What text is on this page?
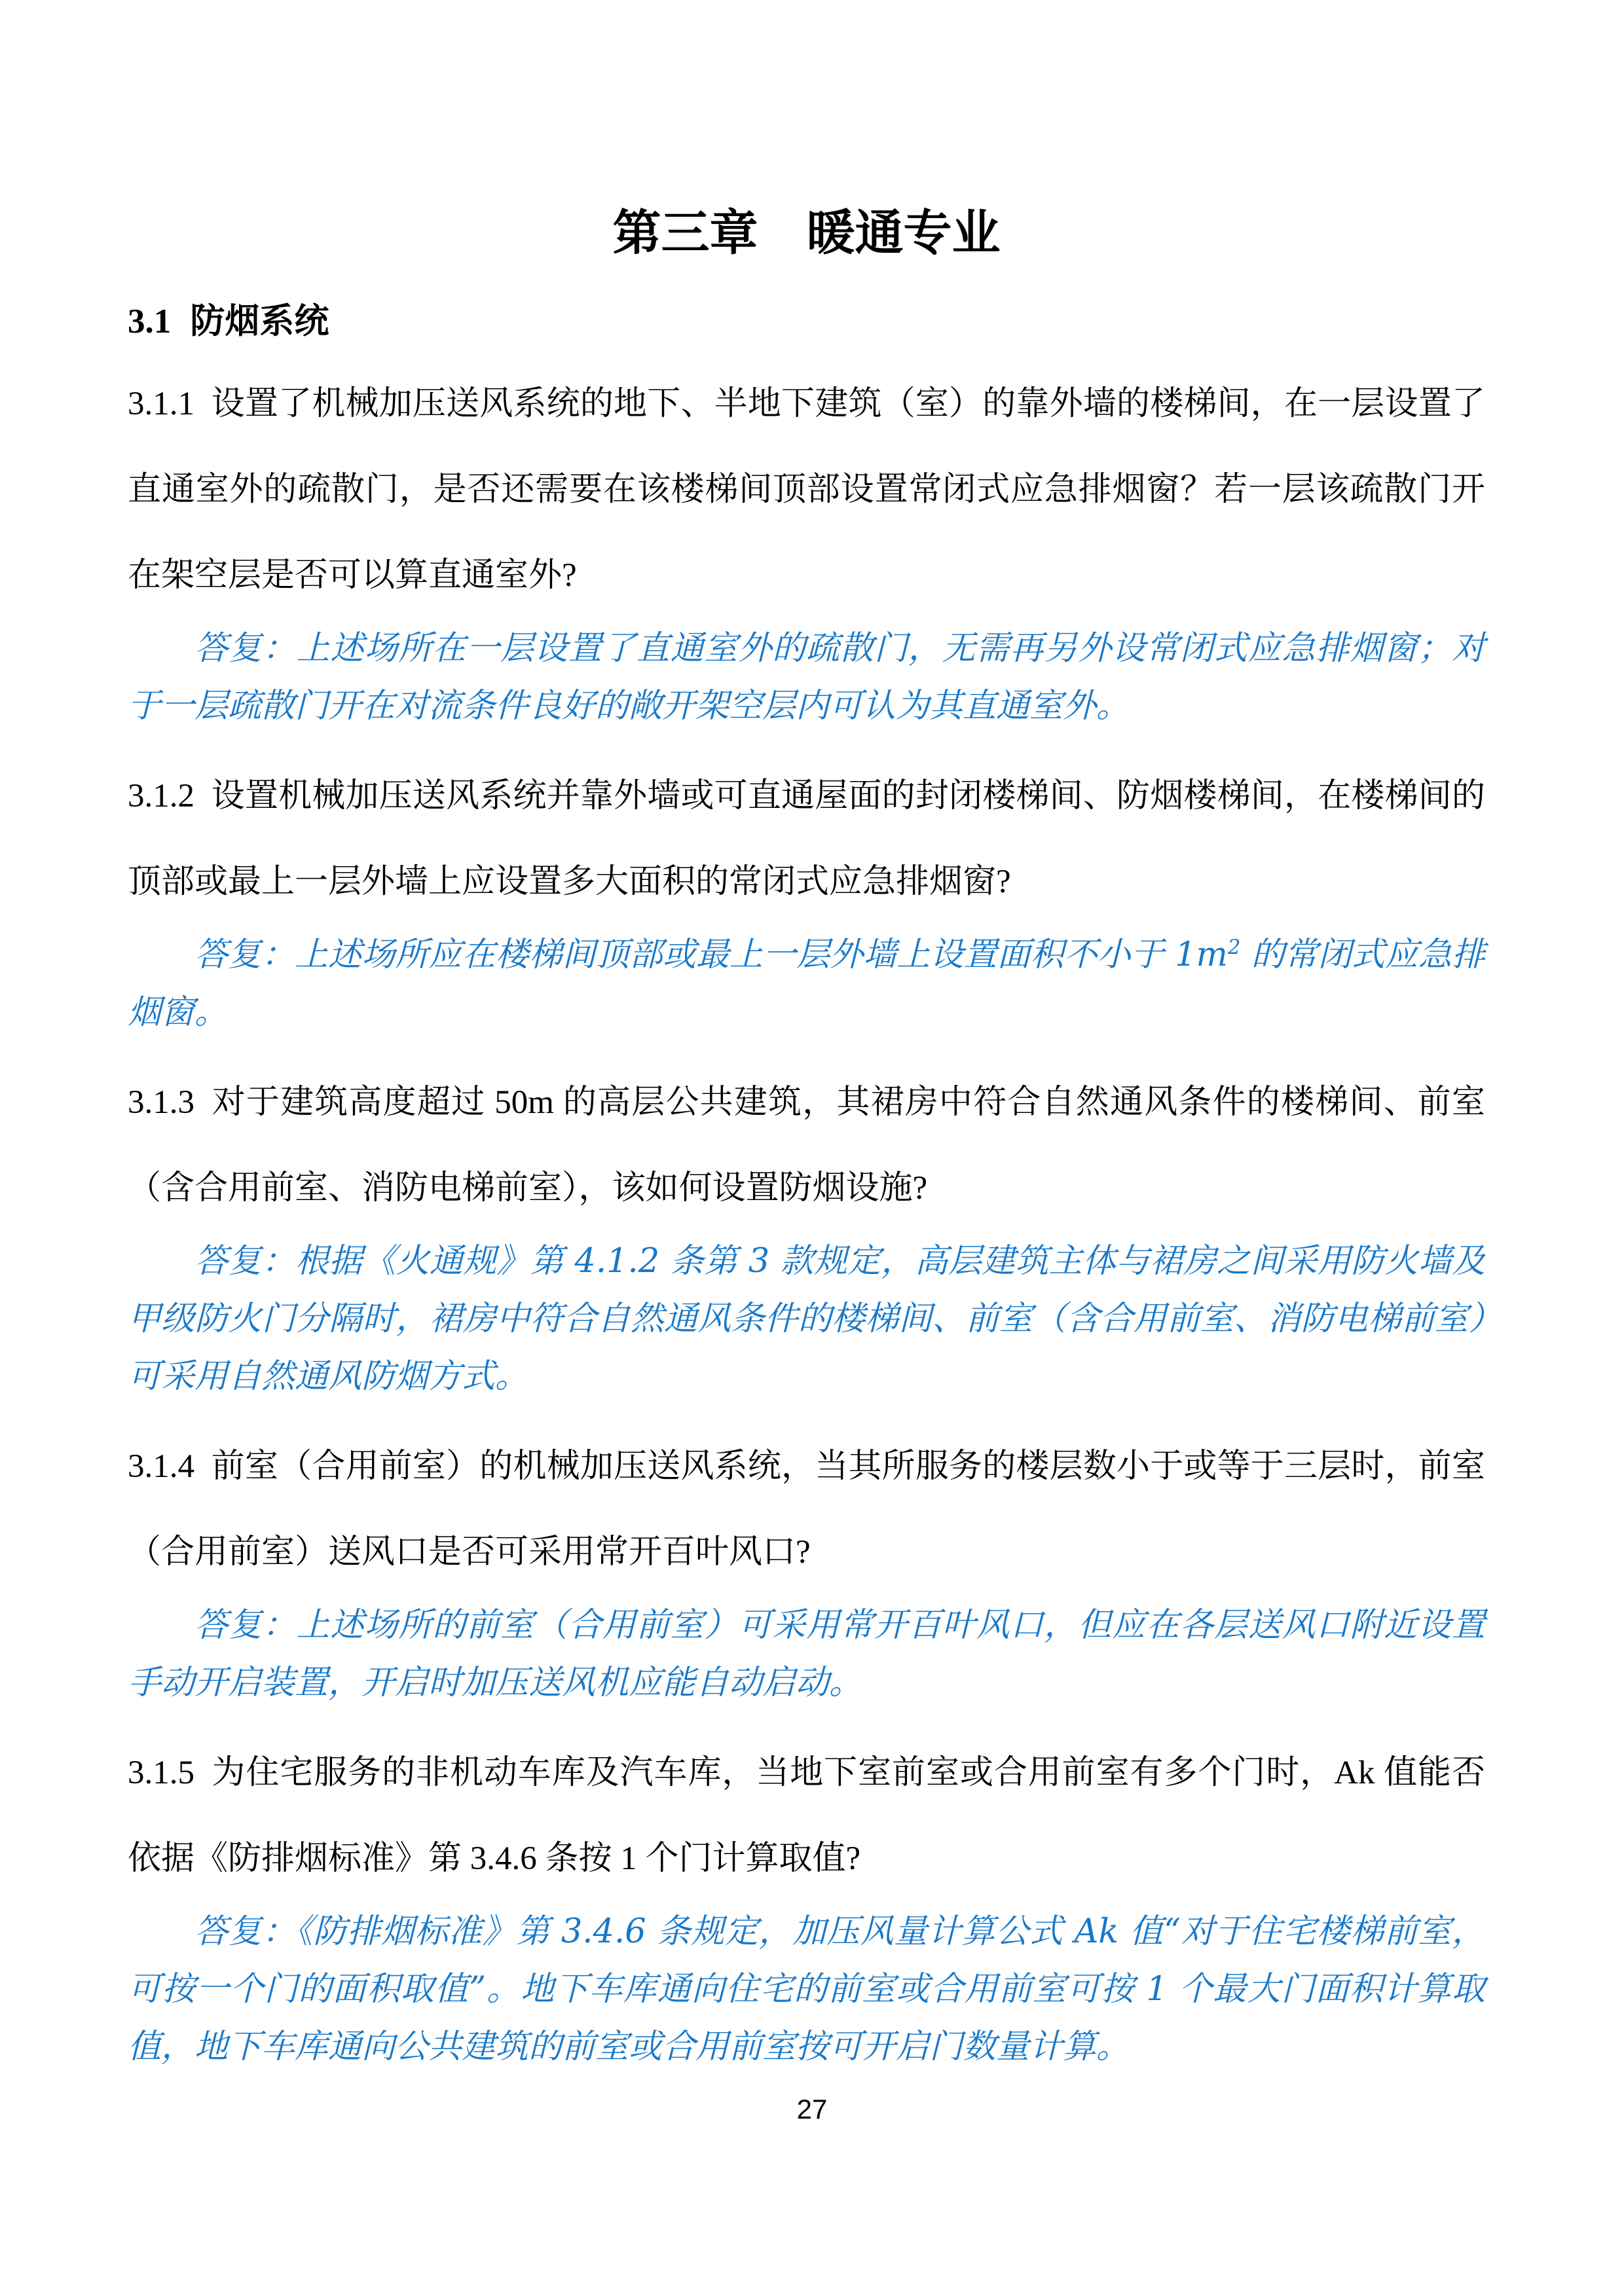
第三章　暖通专业
3.1 防烟系统

3.1.1 设置了机械加压送风系统的地下、半地下建筑（室）的靠外墙的楼梯间，在一层设置了直通室外的疏散门，是否还需要在该楼梯间顶部设置常闭式应急排烟窗？若一层该疏散门开在架空层是否可以算直通室外?

答复：上述场所在一层设置了直通室外的疏散门，无需再另外设常闭式应急排烟窗；对于一层疏散门开在对流条件良好的敞开架空层内可认为其直通室外。

3.1.2 设置机械加压送风系统并靠外墙或可直通屋面的封闭楼梯间、防烟楼梯间，在楼梯间的顶部或最上一层外墙上应设置多大面积的常闭式应急排烟窗?

答复：上述场所应在楼梯间顶部或最上一层外墙上设置面积不小于 $1m^2$ 的常闭式应急排烟窗。

3.1.3 对于建筑高度超过 50m 的高层公共建筑，其裙房中符合自然通风条件的楼梯间、前室（含合用前室、消防电梯前室），该如何设置防烟设施?

答复：根据《火通规》第 4.1.2 条第 3 款规定，高层建筑主体与裙房之间采用防火墙及甲级防火门分隔时，裙房中符合自然通风条件的楼梯间、前室（含合用前室、消防电梯前室）可采用自然通风防烟方式。

3.1.4 前室（合用前室）的机械加压送风系统，当其所服务的楼层数小于或等于三层时，前室（合用前室）送风口是否可采用常开百叶风口?

答复：上述场所的前室（合用前室）可采用常开百叶风口，但应在各层送风口附近设置手动开启装置，开启时加压送风机应能自动启动。

3.1.5 为住宅服务的非机动车库及汽车库，当地下室前室或合用前室有多个门时，Ak 值能否依据《防排烟标准》第 3.4.6 条按 1 个门计算取值?

答复：《防排烟标准》第 3.4.6 条规定，加压风量计算公式 Ak 值“对于住宅楼梯前室，可按一个门的面积取值”。地下车库通向住宅的前室或合用前室可按 1 个最大门面积计算取值，地下车库通向公共建筑的前室或合用前室按可开启门数量计算。

27
